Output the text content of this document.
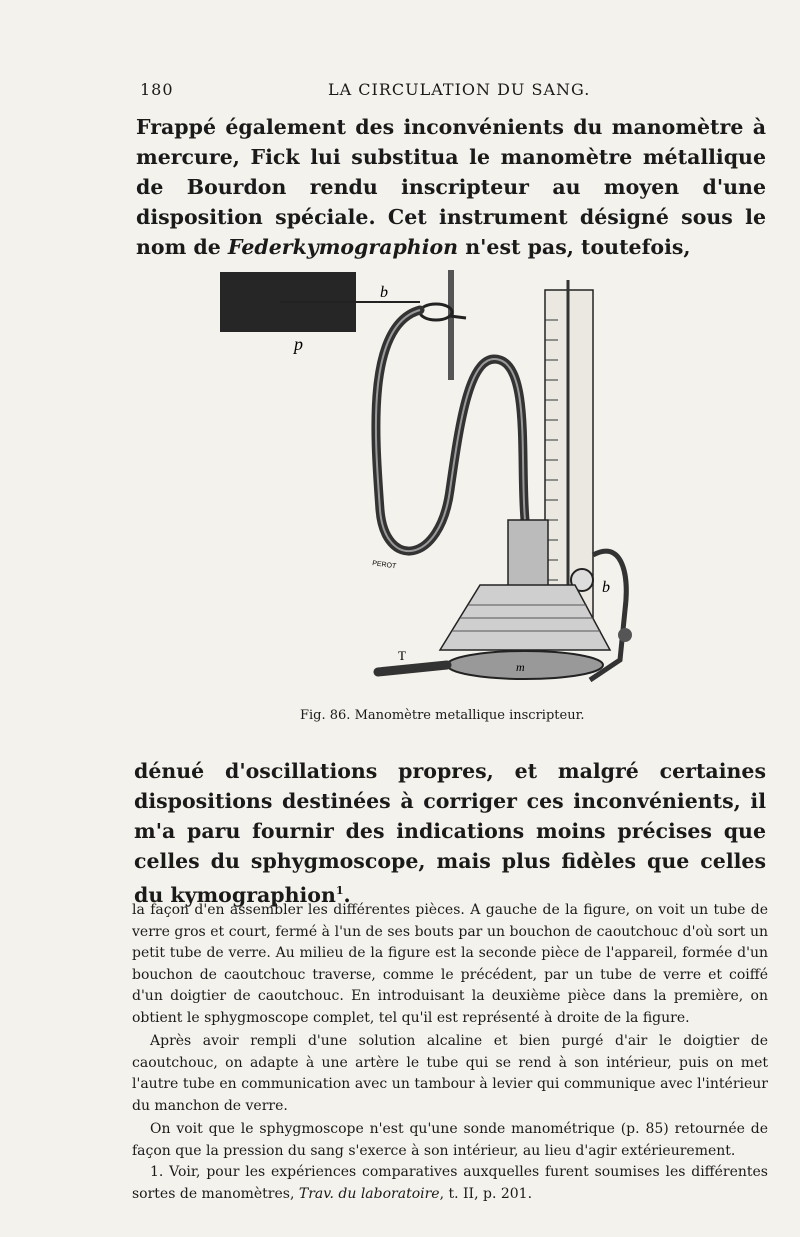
180	LA CIRCULATION DU SANG.
Frappé également des inconvénients du manomètre à mercure, Fick lui substitua le manomètre métallique de Bourdon rendu inscripteur au moyen d'une disposition spéciale. Cet instrument désigné sous le nom de Federkymographion n'est pas, toutefois,
p
b
b
T
m
PEROT
Fig. 86. Manomètre metallique inscripteur.
dénué d'oscillations propres, et malgré certaines dispositions destinées à corriger ces inconvénients, il m'a paru fournir des indications moins précises que celles du sphygmoscope, mais plus fidèles que celles du kymographion$^1$.

la façon d'en assembler les différentes pièces. A gauche de la figure, on voit un tube de verre gros et court, fermé à l'un de ses bouts par un bouchon de caoutchouc d'où sort un petit tube de verre. Au milieu de la figure est la seconde pièce de l'appareil, formée d'un bouchon de caoutchouc traverse, comme le précédent, par un tube de verre et coiffé d'un doigtier de caoutchouc. En introduisant la deuxième pièce dans la première, on obtient le sphygmoscope complet, tel qu'il est représenté à droite de la figure.

Après avoir rempli d'une solution alcaline et bien purgé d'air le doigtier de caoutchouc, on adapte à une artère le tube qui se rend à son intérieur, puis on met l'autre tube en communication avec un tambour à levier qui communique avec l'intérieur du manchon de verre.

On voit que le sphygmoscope n'est qu'une sonde manométrique (p. 85) retournée de façon que la pression du sang s'exerce à son intérieur, au lieu d'agir extérieurement.

1. Voir, pour les expériences comparatives auxquelles furent soumises les différentes sortes de manomètres, Trav. du laboratoire, t. II, p. 201.
